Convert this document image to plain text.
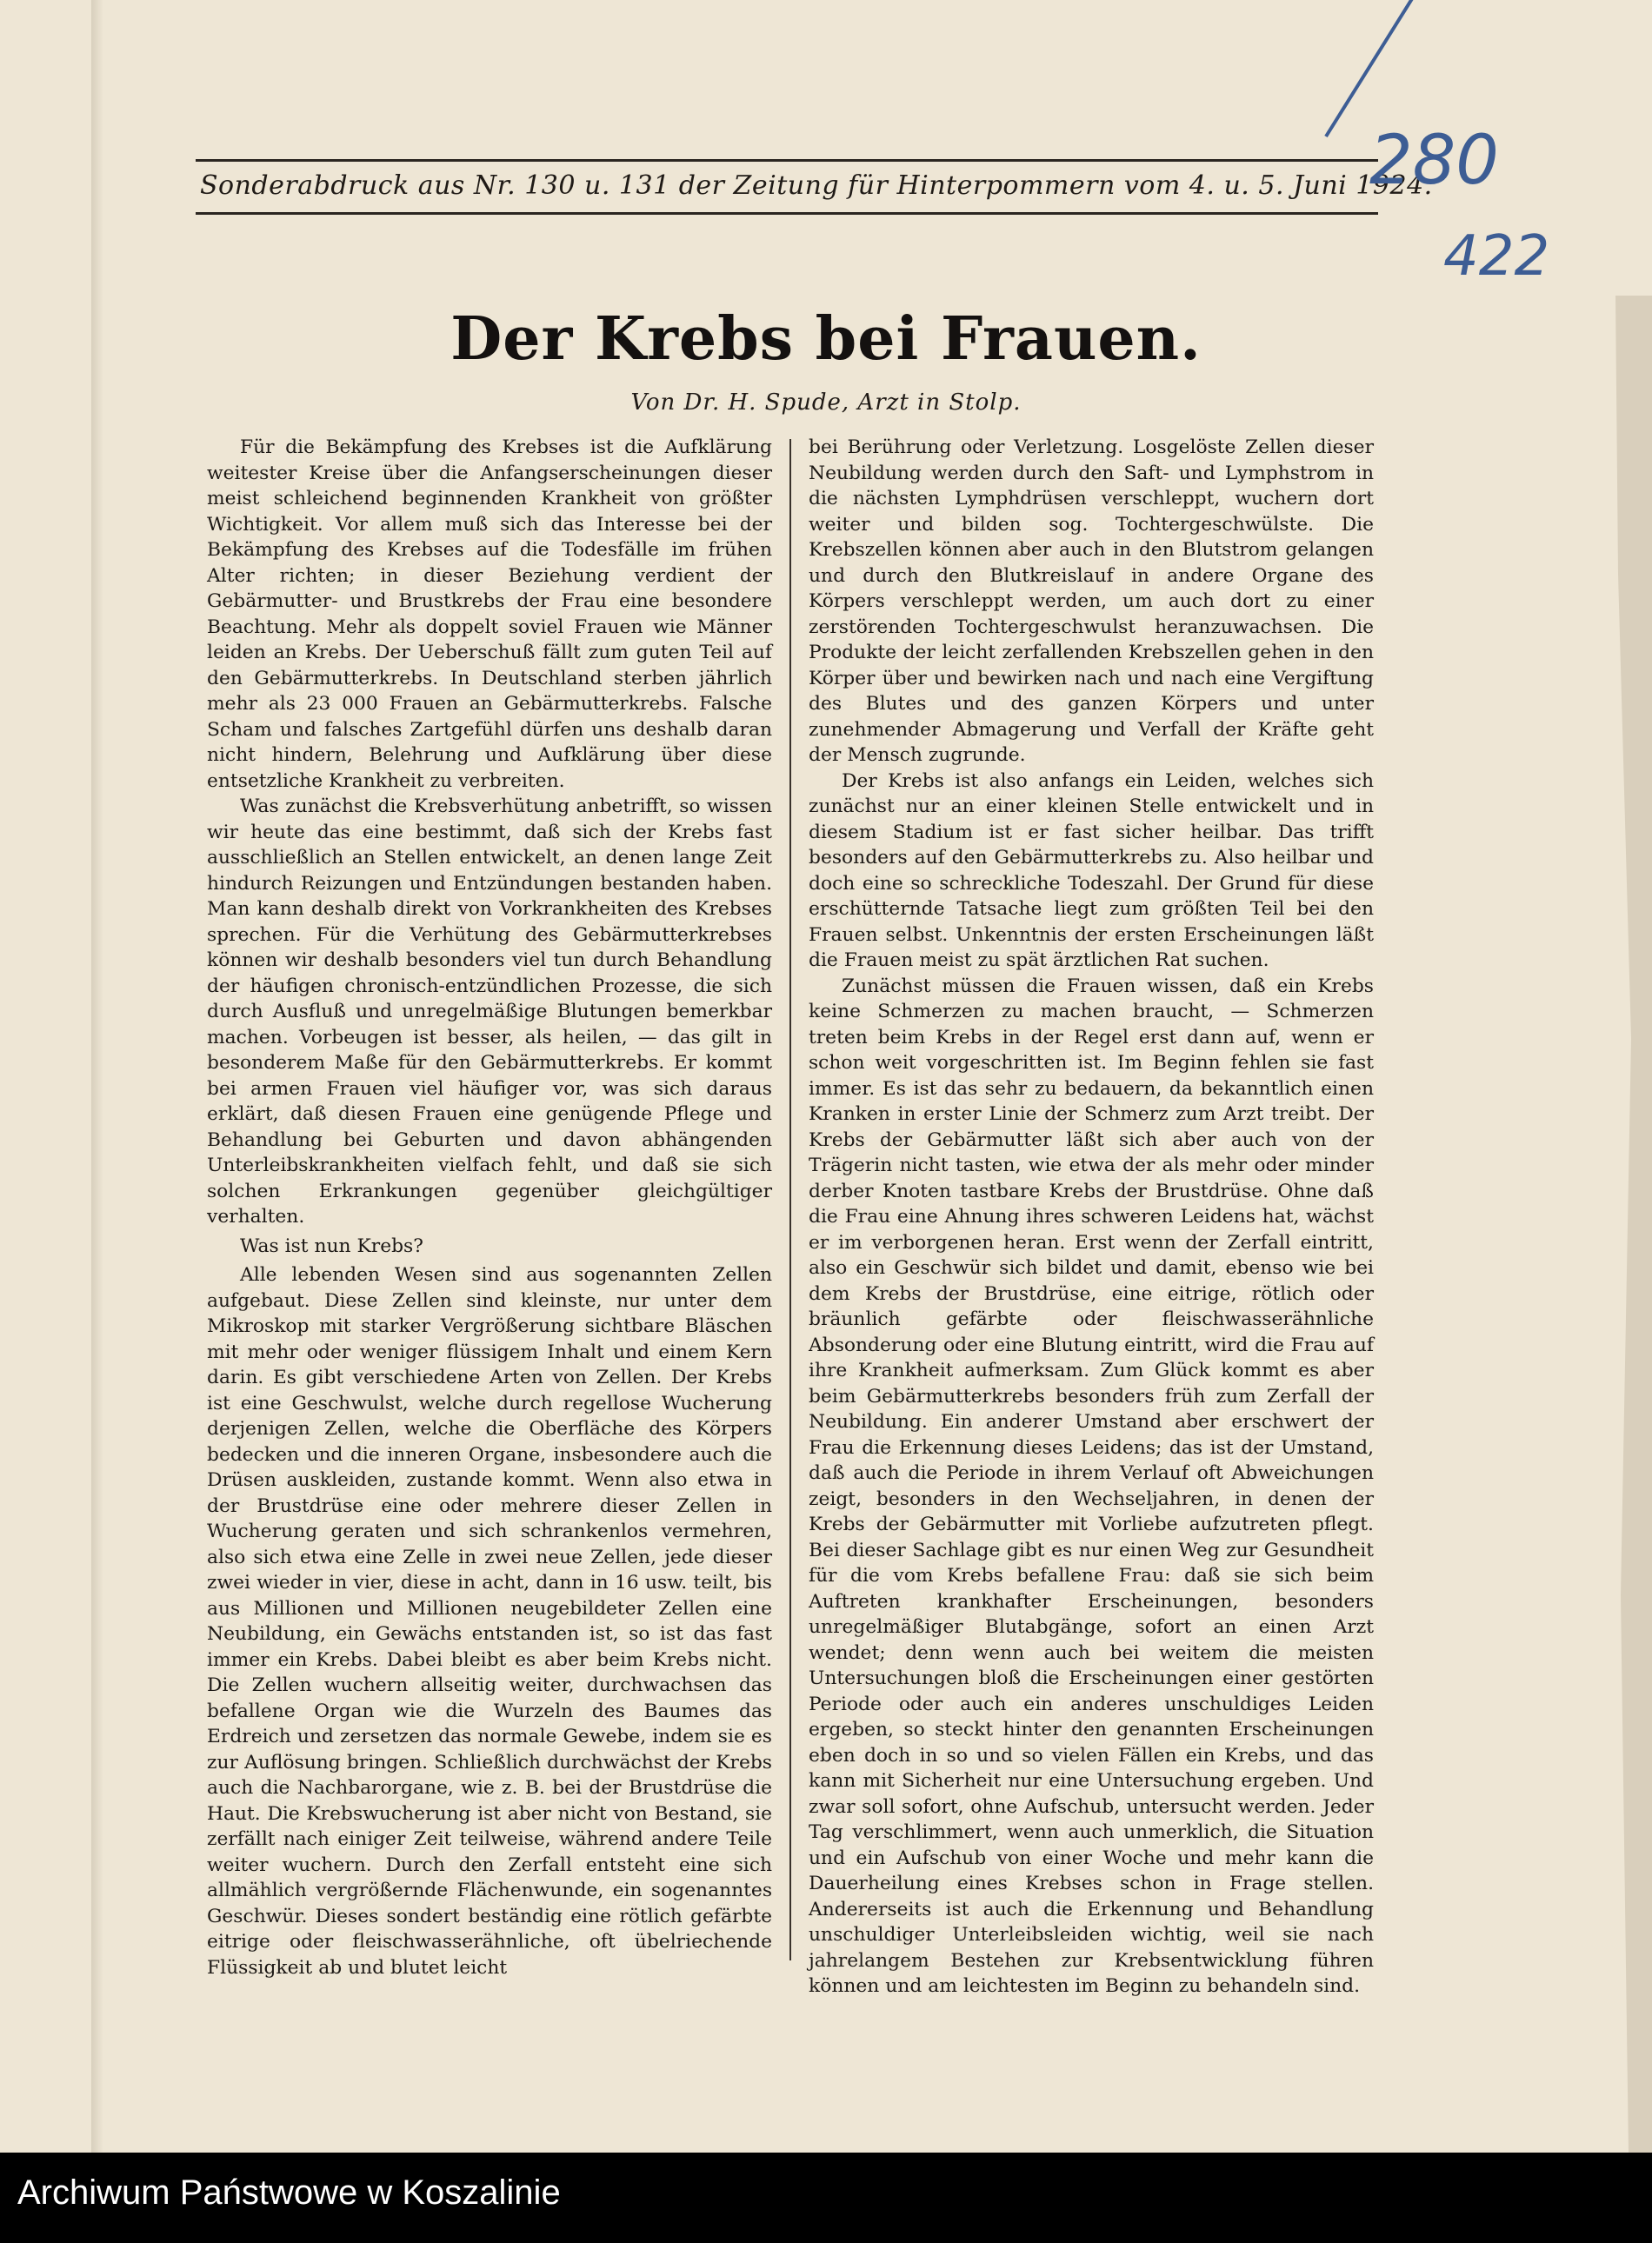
Sonderabdruck aus Nr. 130 u. 131 der Zeitung für Hinterpommern vom 4. u. 5. Juni 1924.
280
422
Der Krebs bei Frauen.
Von Dr. H. Spude, Arzt in Stolp.

Für die Bekämpfung des Krebses ist die Aufklärung weitester Kreise über die Anfangserscheinungen dieser meist schleichend beginnenden Krankheit von größter Wichtigkeit. Vor allem muß sich das Interesse bei der Bekämpfung des Krebses auf die Todesfälle im frühen Alter richten; in dieser Beziehung verdient der Gebärmutter- und Brustkrebs der Frau eine besondere Beachtung. Mehr als doppelt soviel Frauen wie Männer leiden an Krebs. Der Ueberschuß fällt zum guten Teil auf den Gebärmutterkrebs. In Deutschland sterben jährlich mehr als 23 000 Frauen an Gebärmutterkrebs. Falsche Scham und falsches Zartgefühl dürfen uns deshalb daran nicht hindern, Belehrung und Aufklärung über diese entsetzliche Krankheit zu verbreiten.

Was zunächst die Krebsverhütung anbetrifft, so wissen wir heute das eine bestimmt, daß sich der Krebs fast ausschließlich an Stellen entwickelt, an denen lange Zeit hindurch Reizungen und Entzündungen bestanden haben. Man kann deshalb direkt von Vorkrankheiten des Krebses sprechen. Für die Verhütung des Gebärmutterkrebses können wir deshalb besonders viel tun durch Behandlung der häufigen chronisch-entzündlichen Prozesse, die sich durch Ausfluß und unregelmäßige Blutungen bemerkbar machen. Vorbeugen ist besser, als heilen, — das gilt in besonderem Maße für den Gebärmutterkrebs. Er kommt bei armen Frauen viel häufiger vor, was sich daraus erklärt, daß diesen Frauen eine genügende Pflege und Behandlung bei Geburten und davon abhängenden Unterleibskrankheiten vielfach fehlt, und daß sie sich solchen Erkrankungen gegenüber gleichgültiger verhalten.

Was ist nun Krebs?

Alle lebenden Wesen sind aus sogenannten Zellen aufgebaut. Diese Zellen sind kleinste, nur unter dem Mikroskop mit starker Vergrößerung sichtbare Bläschen mit mehr oder weniger flüssigem Inhalt und einem Kern darin. Es gibt verschiedene Arten von Zellen. Der Krebs ist eine Geschwulst, welche durch regellose Wucherung derjenigen Zellen, welche die Oberfläche des Körpers bedecken und die inneren Organe, insbesondere auch die Drüsen auskleiden, zustande kommt. Wenn also etwa in der Brustdrüse eine oder mehrere dieser Zellen in Wucherung geraten und sich schrankenlos vermehren, also sich etwa eine Zelle in zwei neue Zellen, jede dieser zwei wieder in vier, diese in acht, dann in 16 usw. teilt, bis aus Millionen und Millionen neugebildeter Zellen eine Neubildung, ein Gewächs entstanden ist, so ist das fast immer ein Krebs. Dabei bleibt es aber beim Krebs nicht. Die Zellen wuchern allseitig weiter, durchwachsen das befallene Organ wie die Wurzeln des Baumes das Erdreich und zersetzen das normale Gewebe, indem sie es zur Auflösung bringen. Schließlich durchwächst der Krebs auch die Nachbarorgane, wie z. B. bei der Brustdrüse die Haut. Die Krebswucherung ist aber nicht von Bestand, sie zerfällt nach einiger Zeit teilweise, während andere Teile weiter wuchern. Durch den Zerfall entsteht eine sich allmählich vergrößernde Flächenwunde, ein sogenanntes Geschwür. Dieses sondert beständig eine rötlich gefärbte eitrige oder fleischwasserähnliche, oft übelriechende Flüssigkeit ab und blutet leicht

bei Berührung oder Verletzung. Losgelöste Zellen dieser Neubildung werden durch den Saft- und Lymphstrom in die nächsten Lymphdrüsen verschleppt, wuchern dort weiter und bilden sog. Tochtergeschwülste. Die Krebszellen können aber auch in den Blutstrom gelangen und durch den Blutkreislauf in andere Organe des Körpers verschleppt werden, um auch dort zu einer zerstörenden Tochtergeschwulst heranzuwachsen. Die Produkte der leicht zerfallenden Krebszellen gehen in den Körper über und bewirken nach und nach eine Vergiftung des Blutes und des ganzen Körpers und unter zunehmender Abmagerung und Verfall der Kräfte geht der Mensch zugrunde.

Der Krebs ist also anfangs ein Leiden, welches sich zunächst nur an einer kleinen Stelle entwickelt und in diesem Stadium ist er fast sicher heilbar. Das trifft besonders auf den Gebärmutterkrebs zu. Also heilbar und doch eine so schreckliche Todeszahl. Der Grund für diese erschütternde Tatsache liegt zum größten Teil bei den Frauen selbst. Unkenntnis der ersten Erscheinungen läßt die Frauen meist zu spät ärztlichen Rat suchen.

Zunächst müssen die Frauen wissen, daß ein Krebs keine Schmerzen zu machen braucht, — Schmerzen treten beim Krebs in der Regel erst dann auf, wenn er schon weit vorgeschritten ist. Im Beginn fehlen sie fast immer. Es ist das sehr zu bedauern, da bekanntlich einen Kranken in erster Linie der Schmerz zum Arzt treibt. Der Krebs der Gebärmutter läßt sich aber auch von der Trägerin nicht tasten, wie etwa der als mehr oder minder derber Knoten tastbare Krebs der Brustdrüse. Ohne daß die Frau eine Ahnung ihres schweren Leidens hat, wächst er im verborgenen heran. Erst wenn der Zerfall eintritt, also ein Geschwür sich bildet und damit, ebenso wie bei dem Krebs der Brustdrüse, eine eitrige, rötlich oder bräunlich gefärbte oder fleischwasserähnliche Absonderung oder eine Blutung eintritt, wird die Frau auf ihre Krankheit aufmerksam. Zum Glück kommt es aber beim Gebärmutterkrebs besonders früh zum Zerfall der Neubildung. Ein anderer Umstand aber erschwert der Frau die Erkennung dieses Leidens; das ist der Umstand, daß auch die Periode in ihrem Verlauf oft Abweichungen zeigt, besonders in den Wechseljahren, in denen der Krebs der Gebärmutter mit Vorliebe aufzutreten pflegt. Bei dieser Sachlage gibt es nur einen Weg zur Gesundheit für die vom Krebs befallene Frau: daß sie sich beim Auftreten krankhafter Erscheinungen, besonders unregelmäßiger Blutabgänge, sofort an einen Arzt wendet; denn wenn auch bei weitem die meisten Untersuchungen bloß die Erscheinungen einer gestörten Periode oder auch ein anderes unschuldiges Leiden ergeben, so steckt hinter den genannten Erscheinungen eben doch in so und so vielen Fällen ein Krebs, und das kann mit Sicherheit nur eine Untersuchung ergeben. Und zwar soll sofort, ohne Aufschub, untersucht werden. Jeder Tag verschlimmert, wenn auch unmerklich, die Situation und ein Aufschub von einer Woche und mehr kann die Dauerheilung eines Krebses schon in Frage stellen. Andererseits ist auch die Erkennung und Behandlung unschuldiger Unterleibsleiden wichtig, weil sie nach jahrelangem Bestehen zur Krebsentwicklung führen können und am leichtesten im Beginn zu behandeln sind.

Archiwum Państwowe w Koszalinie
